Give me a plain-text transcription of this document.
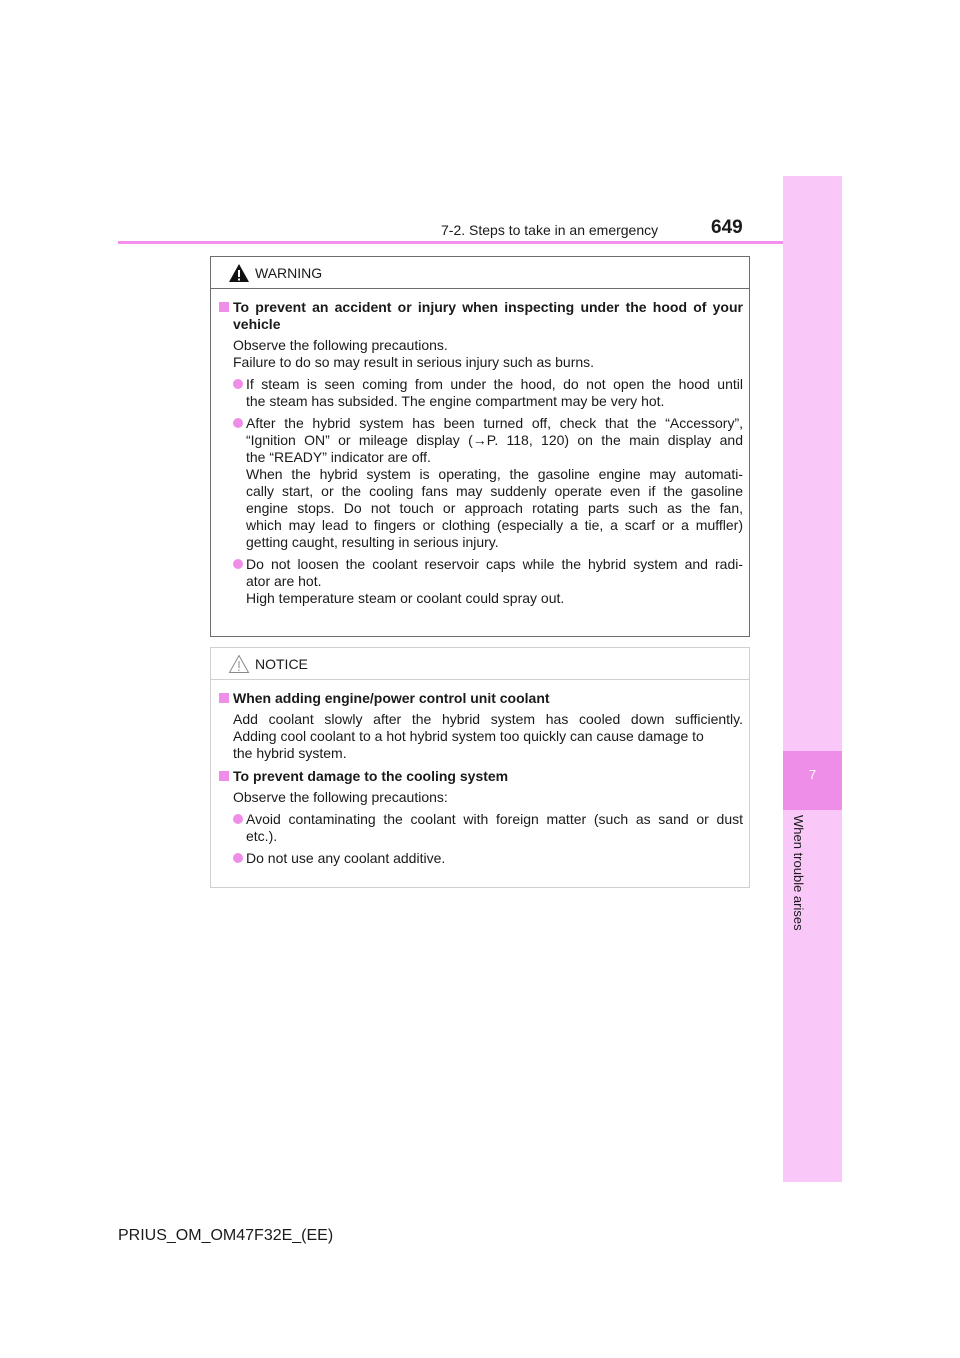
7-2. Steps to take in an emergency	649
7
When trouble arises
WARNING
To prevent an accident or injury when inspecting under the hood of your vehicle
Observe the following precautions.
Failure to do so may result in serious injury such as burns.
If steam is seen coming from under the hood, do not open the hood until
the steam has subsided. The engine compartment may be very hot.
After the hybrid system has been turned off, check that the “Accessory”,
“Ignition ON” or mileage display (→P. 118, 120) on the main display and
the “READY” indicator are off.
When the hybrid system is operating, the gasoline engine may automati-
cally start, or the cooling fans may suddenly operate even if the gasoline
engine stops. Do not touch or approach rotating parts such as the fan,
which may lead to fingers or clothing (especially a tie, a scarf or a muffler)
getting caught, resulting in serious injury.
Do not loosen the coolant reservoir caps while the hybrid system and radi-
ator are hot.
High temperature steam or coolant could spray out.
NOTICE
When adding engine/power control unit coolant
Add coolant slowly after the hybrid system has cooled down sufficiently.
Adding cool coolant to a hot hybrid system too quickly can cause damage to
the hybrid system.
To prevent damage to the cooling system
Observe the following precautions:
Avoid contaminating the coolant with foreign matter (such as sand or dust
etc.).
Do not use any coolant additive.
PRIUS_OM_OM47F32E_(EE)
